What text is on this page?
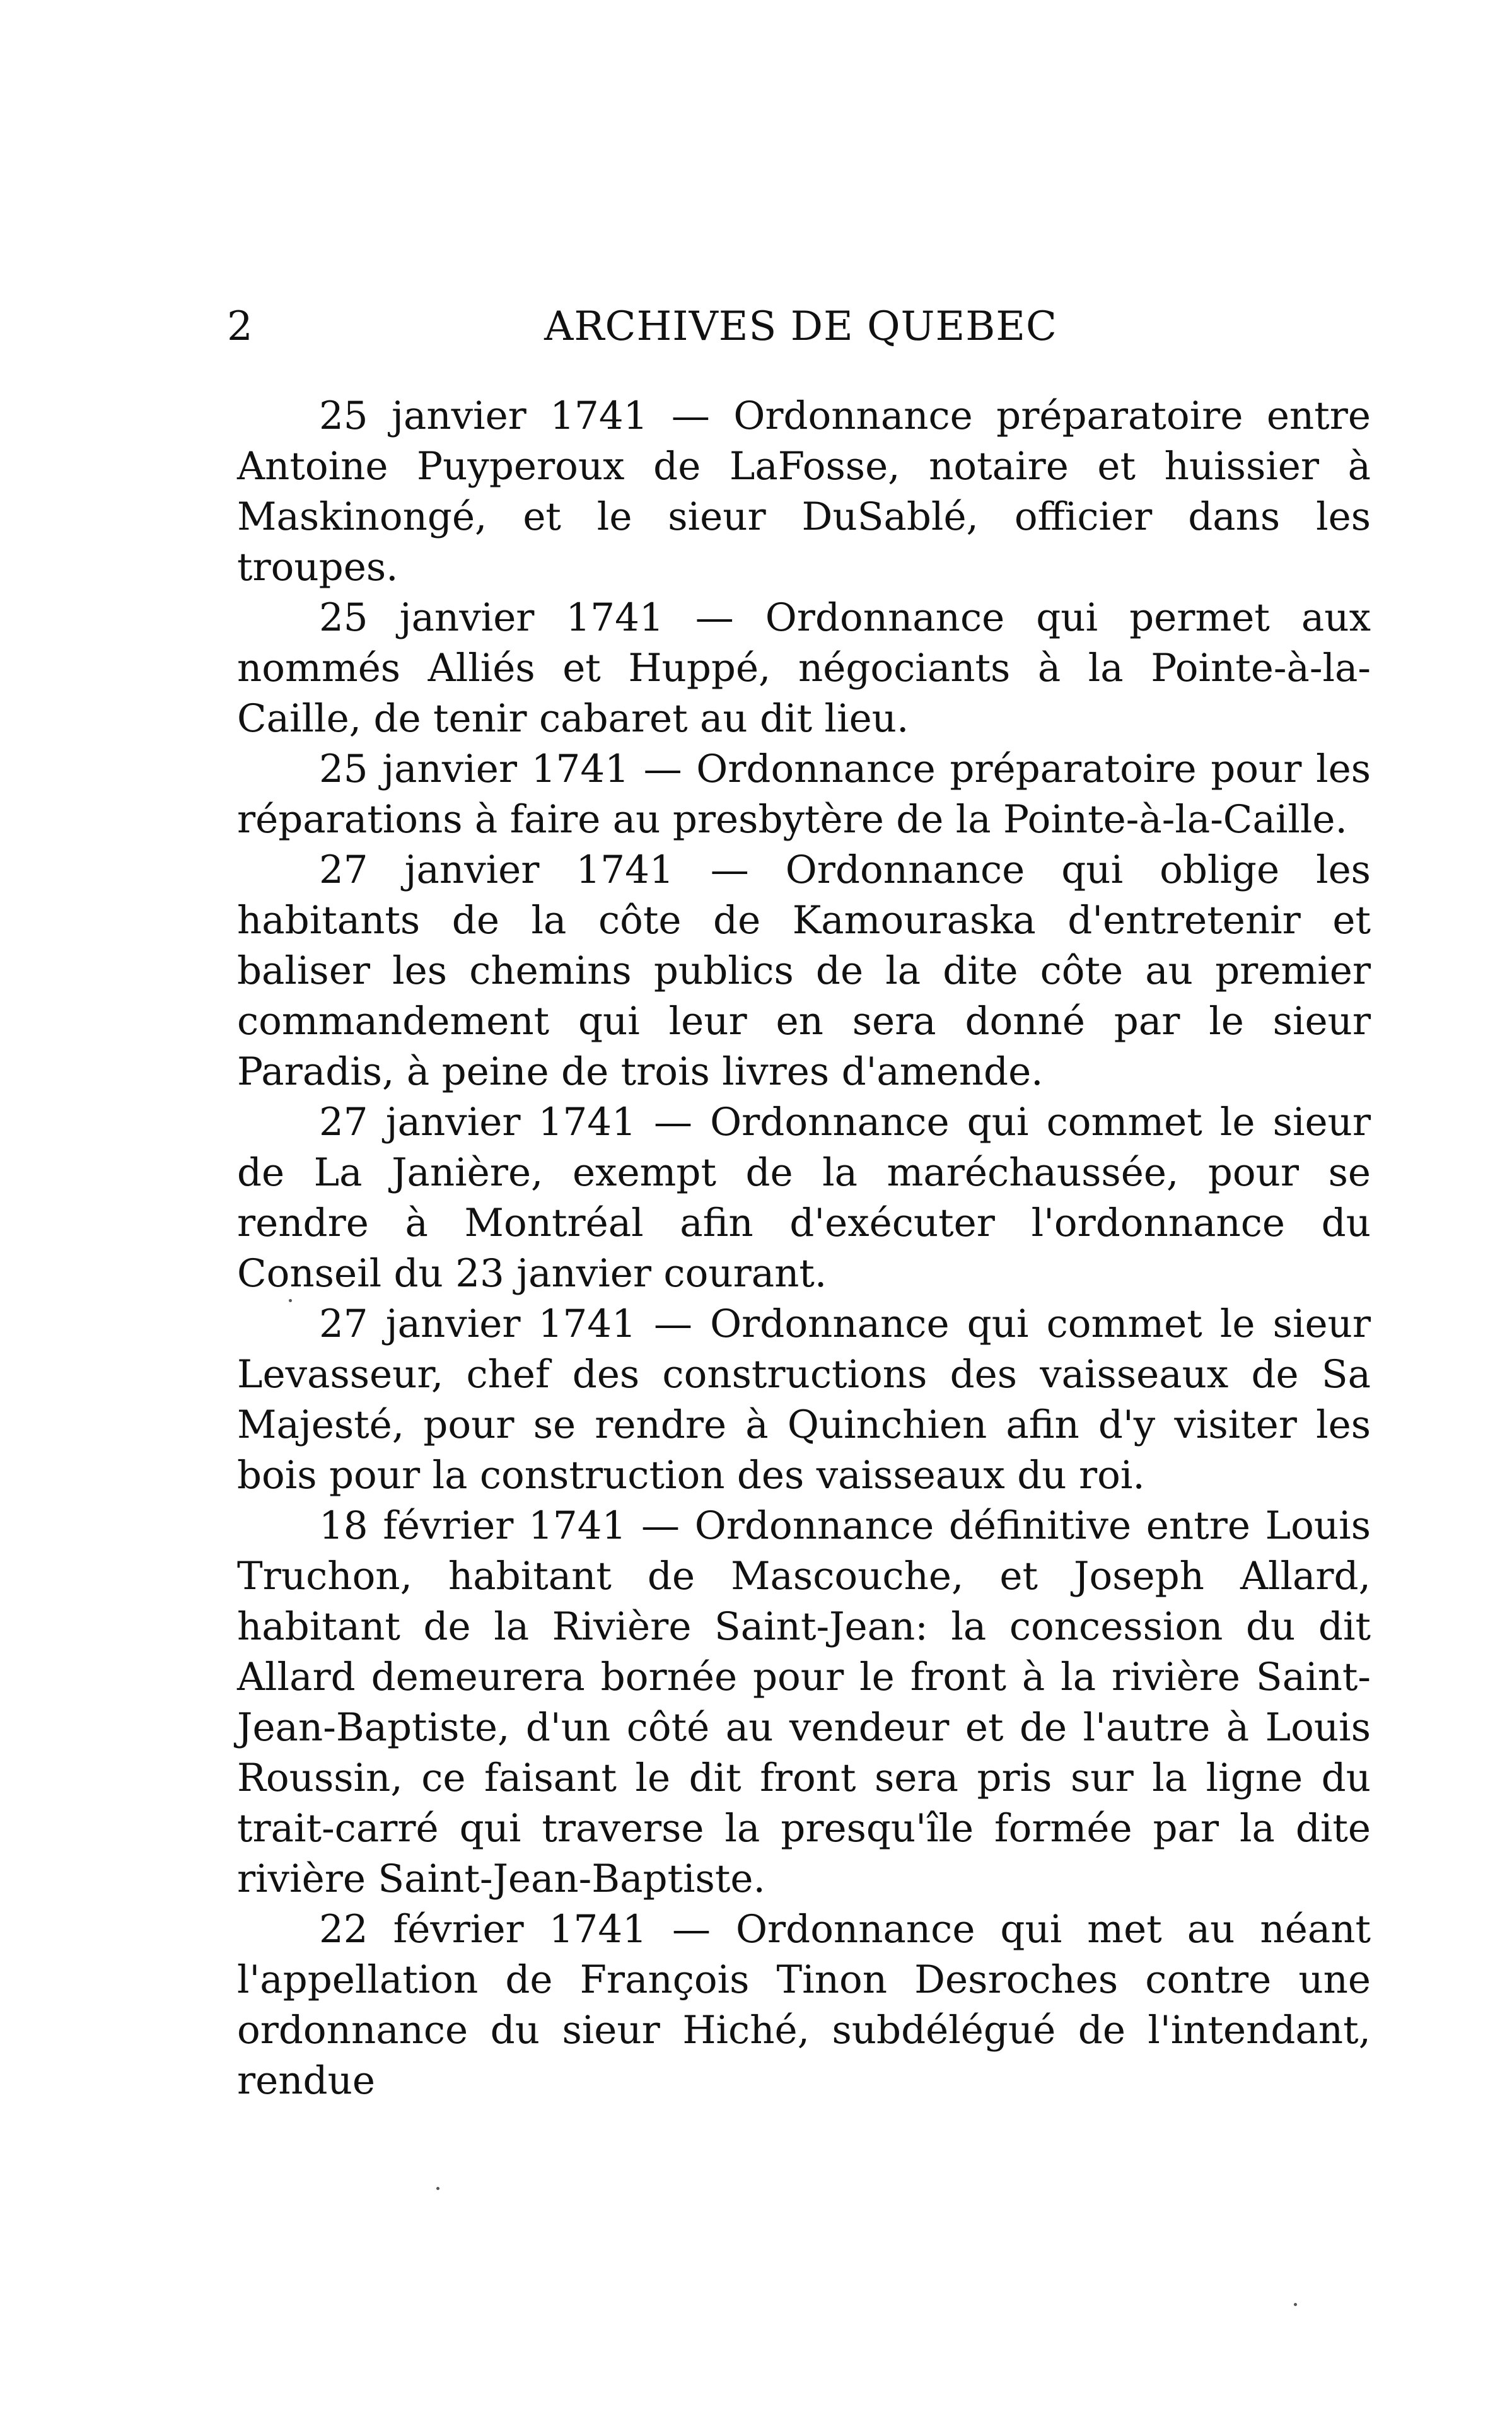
2	ARCHIVES DE QUEBEC

25 janvier 1741 — Ordonnance préparatoire entre Antoine Puyperoux de LaFosse, notaire et huissier à Maskinongé, et le sieur DuSablé, officier dans les troupes.

25 janvier 1741 — Ordonnance qui permet aux nommés Alliés et Huppé, négociants à la Pointe-à-la-Caille, de tenir cabaret au dit lieu.

25 janvier 1741 — Ordonnance préparatoire pour les réparations à faire au presbytère de la Pointe-à-la-Caille.

27 janvier 1741 — Ordonnance qui oblige les habitants de la côte de Kamouraska d'entretenir et baliser les chemins publics de la dite côte au premier commandement qui leur en sera donné par le sieur Paradis, à peine de trois livres d'amende.

27 janvier 1741 — Ordonnance qui commet le sieur de La Janière, exempt de la maréchaussée, pour se rendre à Montréal afin d'exécuter l'ordonnance du Conseil du 23 janvier courant.

27 janvier 1741 — Ordonnance qui commet le sieur Levasseur, chef des constructions des vaisseaux de Sa Majesté, pour se rendre à Quinchien afin d'y visiter les bois pour la construction des vaisseaux du roi.

18 février 1741 — Ordonnance définitive entre Louis Truchon, habitant de Mascouche, et Joseph Allard, habitant de la Rivière Saint-Jean: la concession du dit Allard demeurera bornée pour le front à la rivière Saint-Jean-Baptiste, d'un côté au vendeur et de l'autre à Louis Roussin, ce faisant le dit front sera pris sur la ligne du trait-carré qui traverse la presqu'île formée par la dite rivière Saint-Jean-Baptiste.

22 février 1741 — Ordonnance qui met au néant l'appellation de François Tinon Desroches contre une ordonnance du sieur Hiché, subdélégué de l'intendant, rendue
